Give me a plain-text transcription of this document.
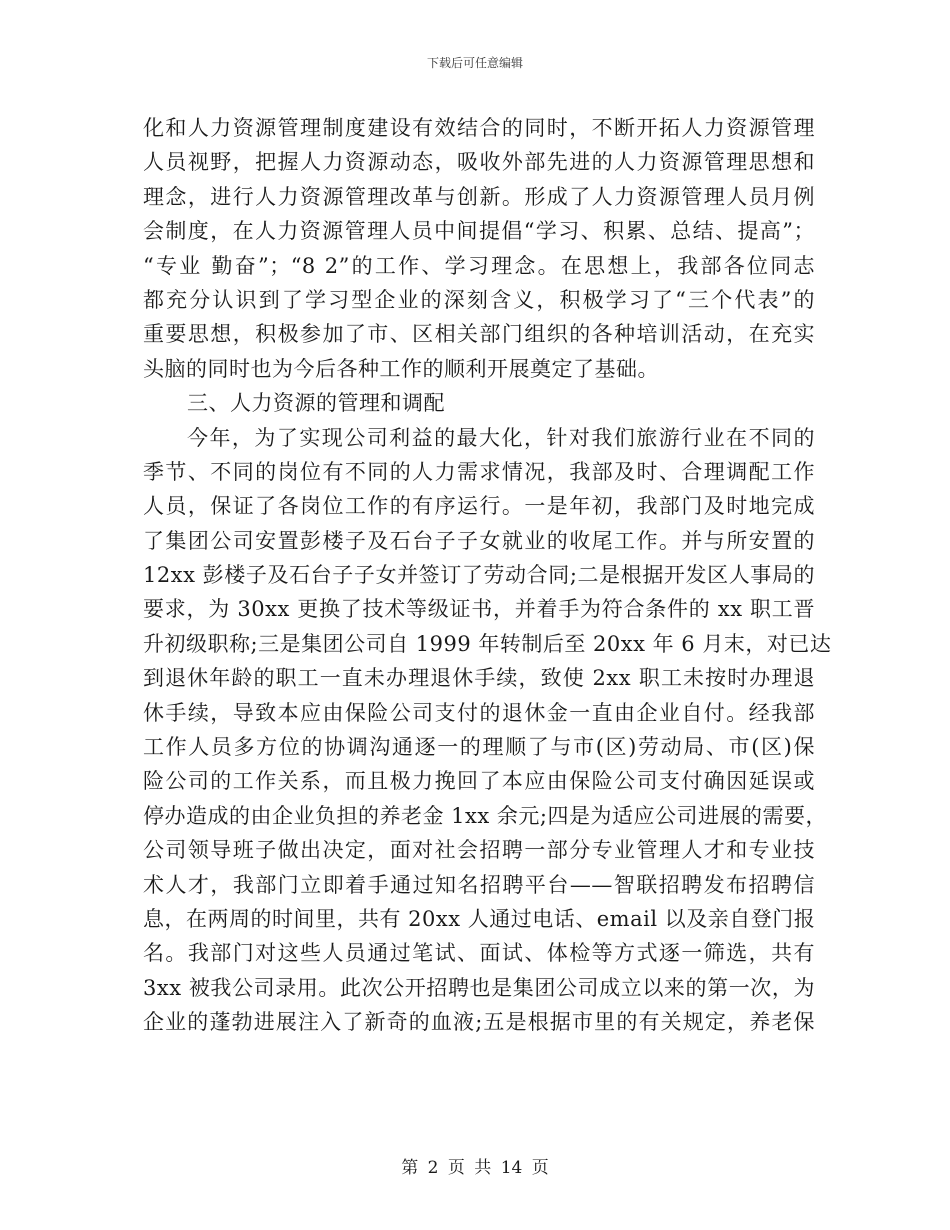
下载后可任意编辑
化和人力资源管理制度建设有效结合的同时，不断开拓人力资源管理
人员视野，把握人力资源动态，吸收外部先进的人力资源管理思想和
理念，进行人力资源管理改革与创新。形成了人力资源管理人员月例
会制度，在人力资源管理人员中间提倡“学习、积累、总结、提高”；
“专业 勤奋”；“8 2”的工作、学习理念。在思想上，我部各位同志
都充分认识到了学习型企业的深刻含义，积极学习了“三个代表”的
重要思想，积极参加了市、区相关部门组织的各种培训活动，在充实
头脑的同时也为今后各种工作的顺利开展奠定了基础。
三、人力资源的管理和调配
今年，为了实现公司利益的最大化，针对我们旅游行业在不同的
季节、不同的岗位有不同的人力需求情况，我部及时、合理调配工作
人员，保证了各岗位工作的有序运行。一是年初，我部门及时地完成
了集团公司安置彭楼子及石台子子女就业的收尾工作。并与所安置的
12xx 彭楼子及石台子子女并签订了劳动合同;二是根据开发区人事局的
要求，为 30xx 更换了技术等级证书，并着手为符合条件的 xx 职工晋
升初级职称;三是集团公司自 1999 年转制后至 20xx 年 6 月末，对已达
到退休年龄的职工一直未办理退休手续，致使 2xx 职工未按时办理退
休手续，导致本应由保险公司支付的退休金一直由企业自付。经我部
工作人员多方位的协调沟通逐一的理顺了与市(区)劳动局、市(区)保
险公司的工作关系，而且极力挽回了本应由保险公司支付确因延误或
停办造成的由企业负担的养老金 1xx 余元;四是为适应公司进展的需要，
公司领导班子做出决定，面对社会招聘一部分专业管理人才和专业技
术人才，我部门立即着手通过知名招聘平台——智联招聘发布招聘信
息，在两周的时间里，共有 20xx 人通过电话、email 以及亲自登门报
名。我部门对这些人员通过笔试、面试、体检等方式逐一筛选，共有
3xx 被我公司录用。此次公开招聘也是集团公司成立以来的第一次，为
企业的蓬勃进展注入了新奇的血液;五是根据市里的有关规定，养老保
第 2 页 共 14 页
